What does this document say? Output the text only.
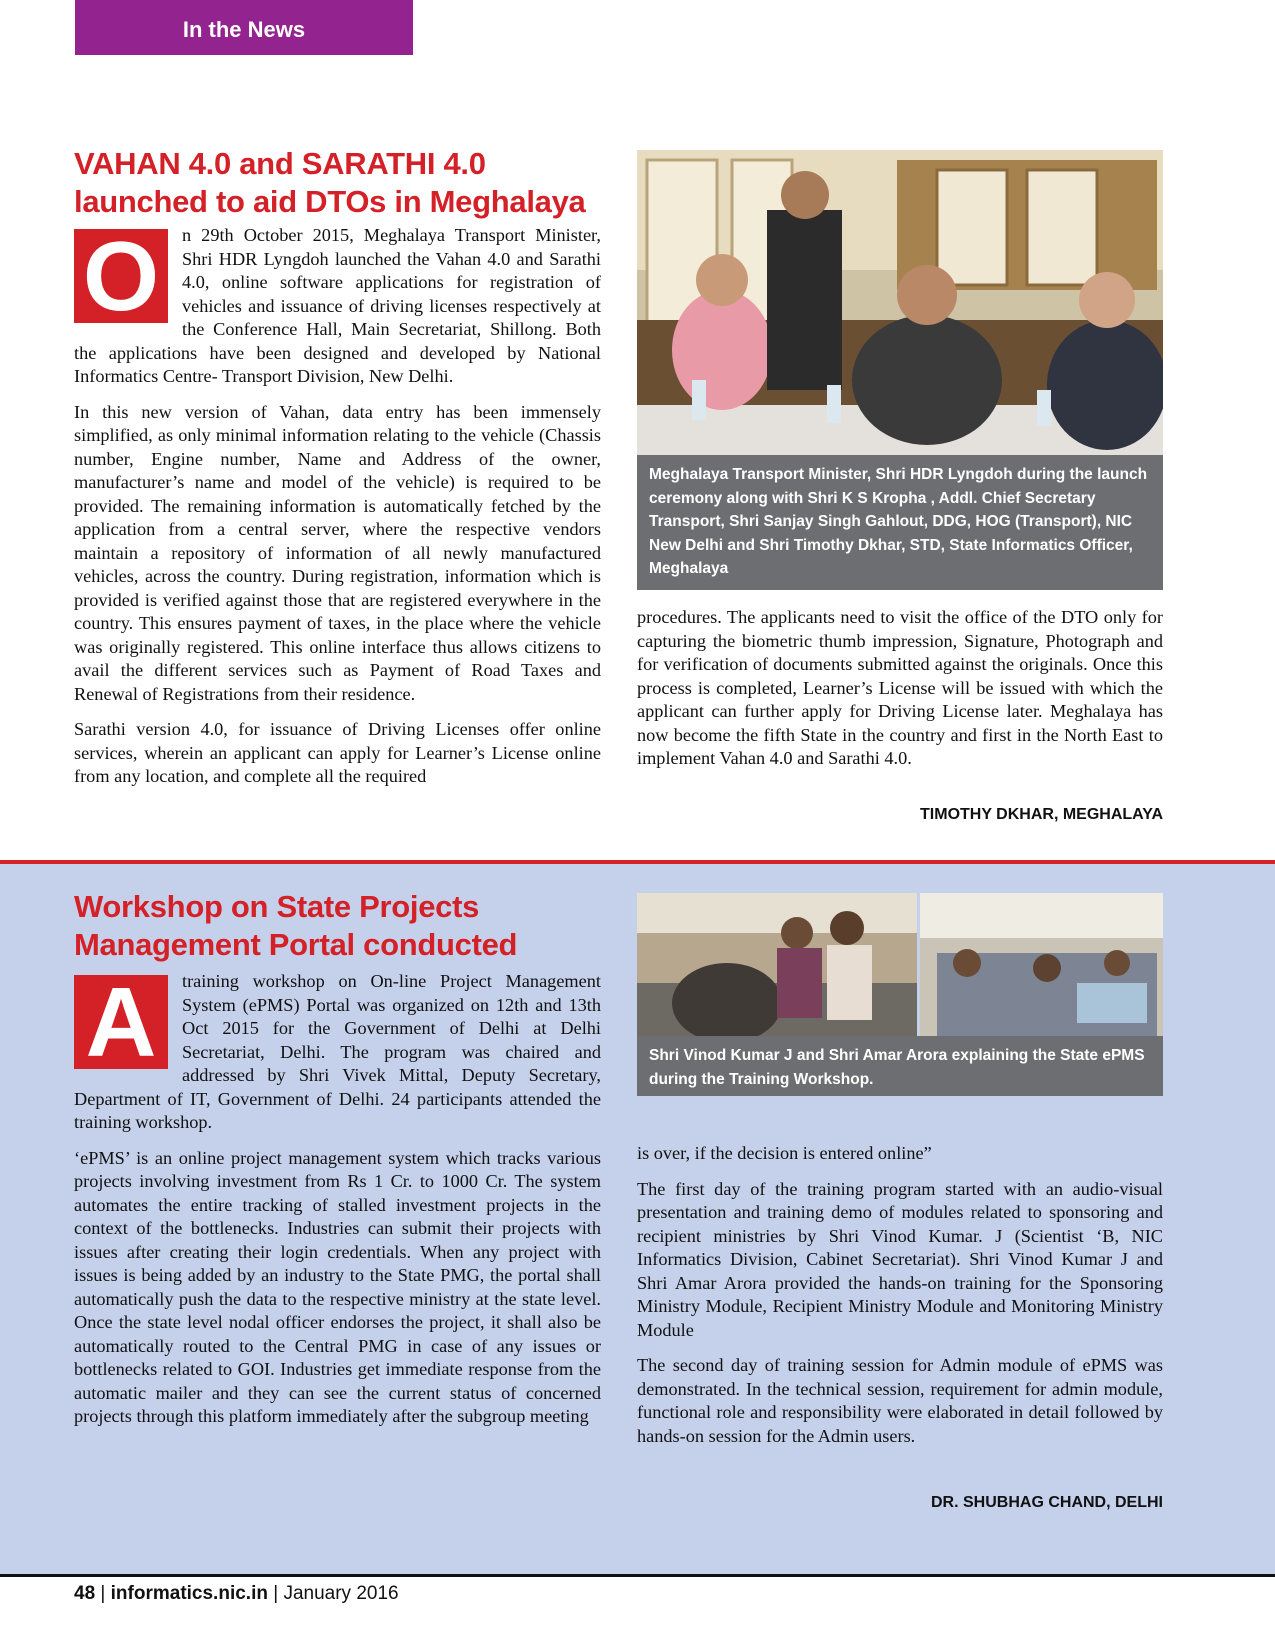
In the News
VAHAN 4.0 and SARATHI 4.0
launched to aid DTOs in Meghalaya

O	n 29th October 2015, Meghalaya Transport Minister, Shri HDR Lyngdoh launched the Vahan 4.0 and Sarathi 4.0, online software applications for registration of vehicles and issuance of driving licenses respectively at the Conference Hall, Main Secretariat, Shillong. Both the applications have been designed and developed by National Informatics Centre- Transport Division, New Delhi.

In this new version of Vahan, data entry has been immensely simplified, as only minimal information relating to the vehicle (Chassis number, Engine number, Name and Address of the owner, manufacturer’s name and model of the vehicle) is required to be provided. The remaining information is automatically fetched by the application from a central server, where the respective vendors maintain a repository of information of all newly manufactured vehicles, across the country. During registration, information which is provided is verified against those that are registered everywhere in the country. This ensures payment of taxes, in the place where the vehicle was originally registered. This online interface thus allows citizens to avail the different services such as Payment of Road Taxes and Renewal of Registrations from their residence.

Sarathi version 4.0, for issuance of Driving Licenses offer online services, wherein an applicant can apply for Learner’s License online from any location, and complete all the required

Meghalaya Transport Minister, Shri HDR Lyngdoh during the launch ceremony along with Shri K S Kropha , Addl. Chief Secretary Transport, Shri Sanjay Singh Gahlout, DDG, HOG (Transport), NIC New Delhi and Shri Timothy Dkhar, STD, State Informatics Officer, Meghalaya

procedures. The applicants need to visit the office of the DTO only for capturing the biometric thumb impression, Signature, Photograph and for verification of documents submitted against the originals. Once this process is completed, Learner’s License will be issued with which the applicant can further apply for Driving License later. Meghalaya has now become the fifth State in the country and first in the North East to implement Vahan 4.0 and Sarathi 4.0.

TIMOTHY DKHAR, MEGHALAYA
Workshop on State Projects
Management Portal conducted

A	training workshop on On-line Project Management System (ePMS) Portal was organized on 12th and 13th Oct 2015 for the Government of Delhi at Delhi Secretariat, Delhi. The program was chaired and addressed by Shri Vivek Mittal, Deputy Secretary, Department of IT, Government of Delhi. 24 participants attended the training workshop.

‘ePMS’ is an online project management system which tracks various projects involving investment from Rs 1 Cr. to 1000 Cr. The system automates the entire tracking of stalled investment projects in the context of the bottlenecks. Industries can submit their projects with issues after creating their login credentials. When any project with issues is being added by an industry to the State PMG, the portal shall automatically push the data to the respective ministry at the state level. Once the state level nodal officer endorses the project, it shall also be automatically routed to the Central PMG in case of any issues or bottlenecks related to GOI. Industries get immediate response from the automatic mailer and they can see the current status of concerned projects through this platform immediately after the subgroup meeting

Shri Vinod Kumar J and Shri Amar Arora explaining the State ePMS during the Training Workshop.

is over, if the decision is entered online”

The first day of the training program started with an audio-visual presentation and training demo of modules related to sponsoring and recipient ministries by Shri Vinod Kumar. J (Scientist ‘B, NIC Informatics Division, Cabinet Secretariat). Shri Vinod Kumar J and Shri Amar Arora provided the hands-on training for the Sponsoring Ministry Module, Recipient Ministry Module and Monitoring Ministry Module

The second day of training session for Admin module of ePMS was demonstrated. In the technical session, requirement for admin module, functional role and responsibility were elaborated in detail followed by hands-on session for the Admin users.

DR. SHUBHAG CHAND, DELHI
48 | informatics.nic.in | January 2016
